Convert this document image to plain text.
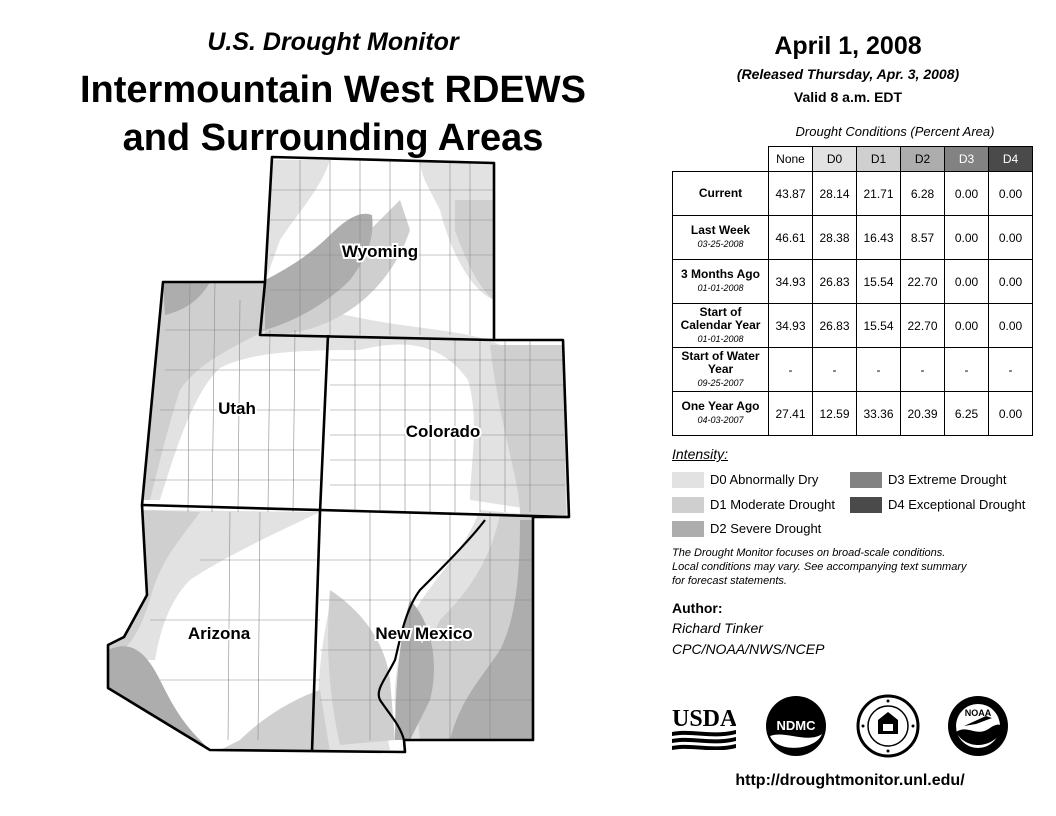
U.S. Drought Monitor
Intermountain West RDEWS
and Surrounding Areas
Wyoming
Utah
Colorado
Arizona	New Mexico
April 1, 2008
(Released Thursday, Apr. 3, 2008)
Valid 8 a.m. EDT
Drought Conditions (Percent Area)
	None	D0	D1	D2	D3	D4
Current	43.87	28.14	21.71	6.28	0.00	0.00
Last Week
03-25-2008	46.61	28.38	16.43	8.57	0.00	0.00
3 Months Ago
01-01-2008	34.93	26.83	15.54	22.70	0.00	0.00
Start of Calendar Year
01-01-2008	34.93	26.83	15.54	22.70	0.00	0.00
Start of Water Year
09-25-2007	-	-	-	-	-	-
One Year Ago
04-03-2007	27.41	12.59	33.36	20.39	6.25	0.00
Intensity:
D0 Abnormally Dry
D1 Moderate Drought
D2 Severe Drought
D3 Extreme Drought
D4 Exceptional Drought
The Drought Monitor focuses on broad-scale conditions.
Local conditions may vary. See accompanying text summary
for forecast statements.
Author:
Richard Tinker
CPC/NOAA/NWS/NCEP
USDA	NDMC
NOAA
http://droughtmonitor.unl.edu/
